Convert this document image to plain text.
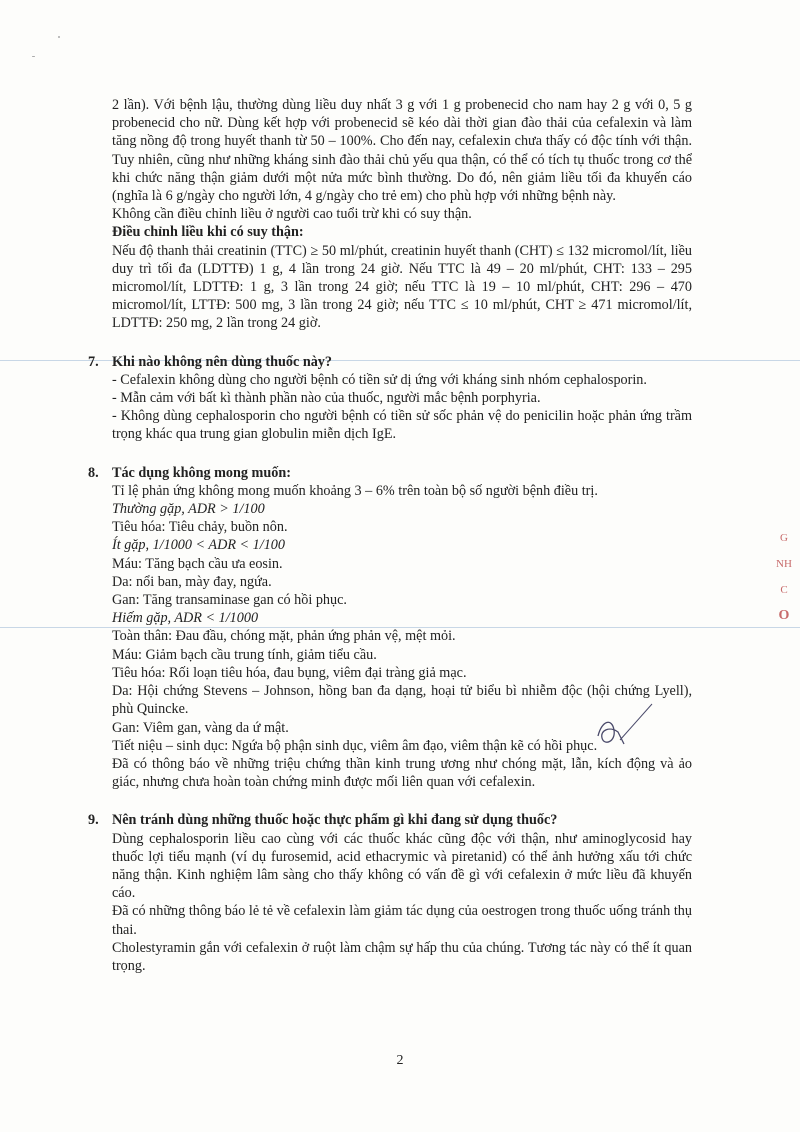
2 lần). Với bệnh lậu, thường dùng liều duy nhất 3 g với 1 g probenecid cho nam hay 2 g với 0, 5 g probenecid cho nữ. Dùng kết hợp với probenecid sẽ kéo dài thời gian đào thải của cefalexin và làm tăng nồng độ trong huyết thanh từ 50 – 100%. Cho đến nay, cefalexin chưa thấy có độc tính với thận. Tuy nhiên, cũng như những kháng sinh đào thải chủ yếu qua thận, có thể có tích tụ thuốc trong cơ thể khi chức năng thận giảm dưới một nửa mức bình thường. Do đó, nên giảm liều tối đa khuyến cáo (nghĩa là 6 g/ngày cho người lớn, 4 g/ngày cho trẻ em) cho phù hợp với những bệnh này.

Không cần điều chỉnh liều ở người cao tuổi trừ khi có suy thận.

Điều chỉnh liều khi có suy thận:

Nếu độ thanh thải creatinin (TTC) ≥ 50 ml/phút, creatinin huyết thanh (CHT) ≤ 132 micromol/lít, liều duy trì tối đa (LDTTĐ) 1 g, 4 lần trong 24 giờ. Nếu TTC là 49 – 20 ml/phút, CHT: 133 – 295 micromol/lít, LDTTĐ: 1 g, 3 lần trong 24 giờ; nếu TTC là 19 – 10 ml/phút, CHT: 296 – 470 micromol/lít, LTTĐ: 500 mg, 3 lần trong 24 giờ; nếu TTC ≤ 10 ml/phút, CHT ≥ 471 micromol/lít, LDTTĐ: 250 mg, 2 lần trong 24 giờ.

7. Khi nào không nên dùng thuốc này?

- Cefalexin không dùng cho người bệnh có tiền sử dị ứng với kháng sinh nhóm cephalosporin.

- Mẫn cảm với bất kì thành phần nào của thuốc, người mắc bệnh porphyria.

- Không dùng cephalosporin cho người bệnh có tiền sử sốc phản vệ do penicilin hoặc phản ứng trầm trọng khác qua trung gian globulin miễn dịch IgE.

8. Tác dụng không mong muốn:

Tỉ lệ phản ứng không mong muốn khoảng 3 – 6% trên toàn bộ số người bệnh điều trị.

Thường gặp, ADR > 1/100

Tiêu hóa: Tiêu chảy, buồn nôn.

Ít gặp, 1/1000 < ADR < 1/100

Máu: Tăng bạch cầu ưa eosin.

Da: nổi ban, mày đay, ngứa.

Gan: Tăng transaminase gan có hồi phục.

Hiếm gặp, ADR < 1/1000

Toàn thân: Đau đầu, chóng mặt, phản ứng phản vệ, mệt mỏi.

Máu: Giảm bạch cầu trung tính, giảm tiểu cầu.

Tiêu hóa: Rối loạn tiêu hóa, đau bụng, viêm đại tràng giả mạc.

Da: Hội chứng Stevens – Johnson, hồng ban đa dạng, hoại tử biểu bì nhiễm độc (hội chứng Lyell), phù Quincke.

Gan: Viêm gan, vàng da ứ mật.

Tiết niệu – sinh dục: Ngứa bộ phận sinh dục, viêm âm đạo, viêm thận kẽ có hồi phục.

Đã có thông báo về những triệu chứng thần kinh trung ương như chóng mặt, lẫn, kích động và ảo giác, nhưng chưa hoàn toàn chứng minh được mối liên quan với cefalexin.

9. Nên tránh dùng những thuốc hoặc thực phẩm gì khi đang sử dụng thuốc?

Dùng cephalosporin liều cao cùng với các thuốc khác cũng độc với thận, như aminoglycosid hay thuốc lợi tiểu mạnh (ví dụ furosemid, acid ethacrymic và piretanid) có thể ảnh hưởng xấu tới chức năng thận. Kinh nghiệm lâm sàng cho thấy không có vấn đề gì với cefalexin ở mức liều đã khuyến cáo.

Đã có những thông báo lẻ tẻ về cefalexin làm giảm tác dụng của oestrogen trong thuốc uống tránh thụ thai.

Cholestyramin gắn với cefalexin ở ruột làm chậm sự hấp thu của chúng. Tương tác này có thể ít quan trọng.

G
NH
C
O
2
